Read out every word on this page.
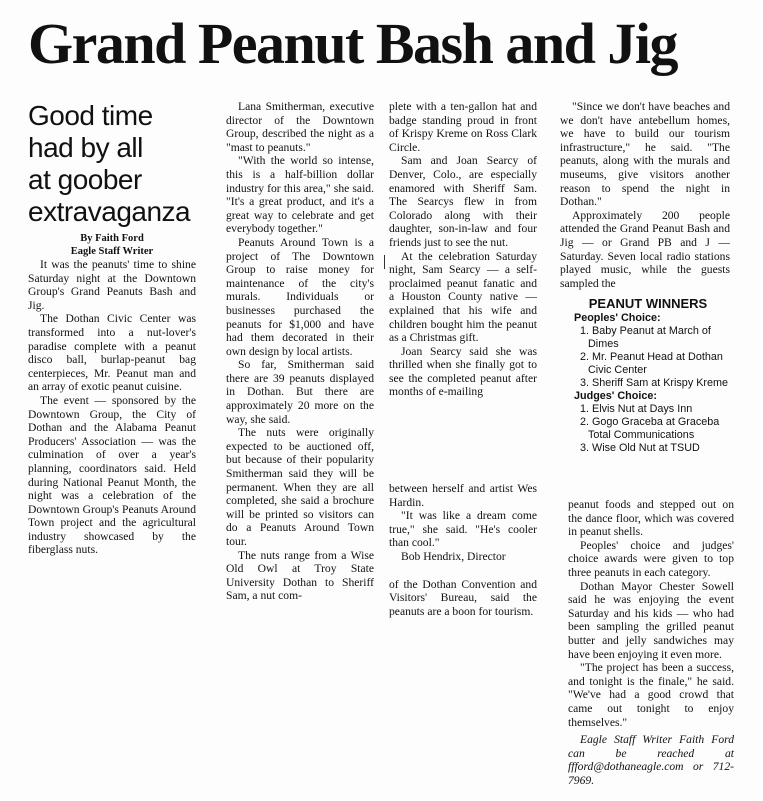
Grand Peanut Bash and Jig
Good time
had by all
at goober
extravaganza

By Faith Ford

Eagle Staff Writer

It was the peanuts' time to shine Saturday night at the Downtown Group's Grand Peanuts Bash and Jig.

The Dothan Civic Center was transformed into a nut-lover's paradise complete with a peanut disco ball, burlap-peanut bag centerpieces, Mr. Peanut man and an array of exotic peanut cuisine.

The event — sponsored by the Downtown Group, the City of Dothan and the Alabama Peanut Producers' Association — was the culmination of over a year's planning, coordinators said. Held during National Peanut Month, the night was a celebration of the Downtown Group's Peanuts Around Town project and the agricultural industry showcased by the fiberglass nuts.

Lana Smitherman, executive director of the Downtown Group, described the night as a "mast to peanuts."

"With the world so intense, this is a half-billion dollar industry for this area," she said. "It's a great product, and it's a great way to celebrate and get everybody together."

Peanuts Around Town is a project of The Downtown Group to raise money for maintenance of the city's murals. Individuals or businesses purchased the peanuts for $1,000 and have had them decorated in their own design by local artists.

So far, Smitherman said there are 39 peanuts displayed in Dothan. But there are approximately 20 more on the way, she said.

The nuts were originally expected to be auctioned off, but because of their popularity Smitherman said they will be permanent. When they are all completed, she said a brochure will be printed so visitors can do a Peanuts Around Town tour.

The nuts range from a Wise Old Owl at Troy State University Dothan to Sheriff Sam, a nut com-

plete with a ten-gallon hat and badge standing proud in front of Krispy Kreme on Ross Clark Circle.

Sam and Joan Searcy of Denver, Colo., are especially enamored with Sheriff Sam. The Searcys flew in from Colorado along with their daughter, son-in-law and four friends just to see the nut.

At the celebration Saturday night, Sam Searcy — a self-proclaimed peanut fanatic and a Houston County native — explained that his wife and children bought him the peanut as a Christmas gift.

Joan Searcy said she was thrilled when she finally got to see the completed peanut after months of e-mailing

between herself and artist Wes Hardin.

"It was like a dream come true," she said. "He's cooler than cool."

Bob Hendrix, Director

of the Dothan Convention and Visitors' Bureau, said the peanuts are a boon for tourism.

"Since we don't have beaches and we don't have antebellum homes, we have to build our tourism infrastructure," he said. "The peanuts, along with the murals and museums, give visitors another reason to spend the night in Dothan."

Approximately 200 people attended the Grand Peanut Bash and Jig — or Grand PB and J — Saturday. Seven local radio stations played music, while the guests sampled the

PEANUT WINNERS
Peoples' Choice:
1. Baby Peanut at March of Dimes
2. Mr. Peanut Head at Dothan Civic Center
3. Sheriff Sam at Krispy Kreme
Judges' Choice:
1. Elvis Nut at Days Inn
2. Gogo Graceba at Graceba Total Communications
3. Wise Old Nut at TSUD

peanut foods and stepped out on the dance floor, which was covered in peanut shells.

Peoples' choice and judges' choice awards were given to top three peanuts in each category.

Dothan Mayor Chester Sowell said he was enjoying the event Saturday and his kids — who had been sampling the grilled peanut butter and jelly sandwiches may have been enjoying it even more.

"The project has been a success, and tonight is the finale," he said. "We've had a good crowd that came out tonight to enjoy themselves."

Eagle Staff Writer Faith Ford can be reached at ffford@dothaneagle.com or 712-7969.
